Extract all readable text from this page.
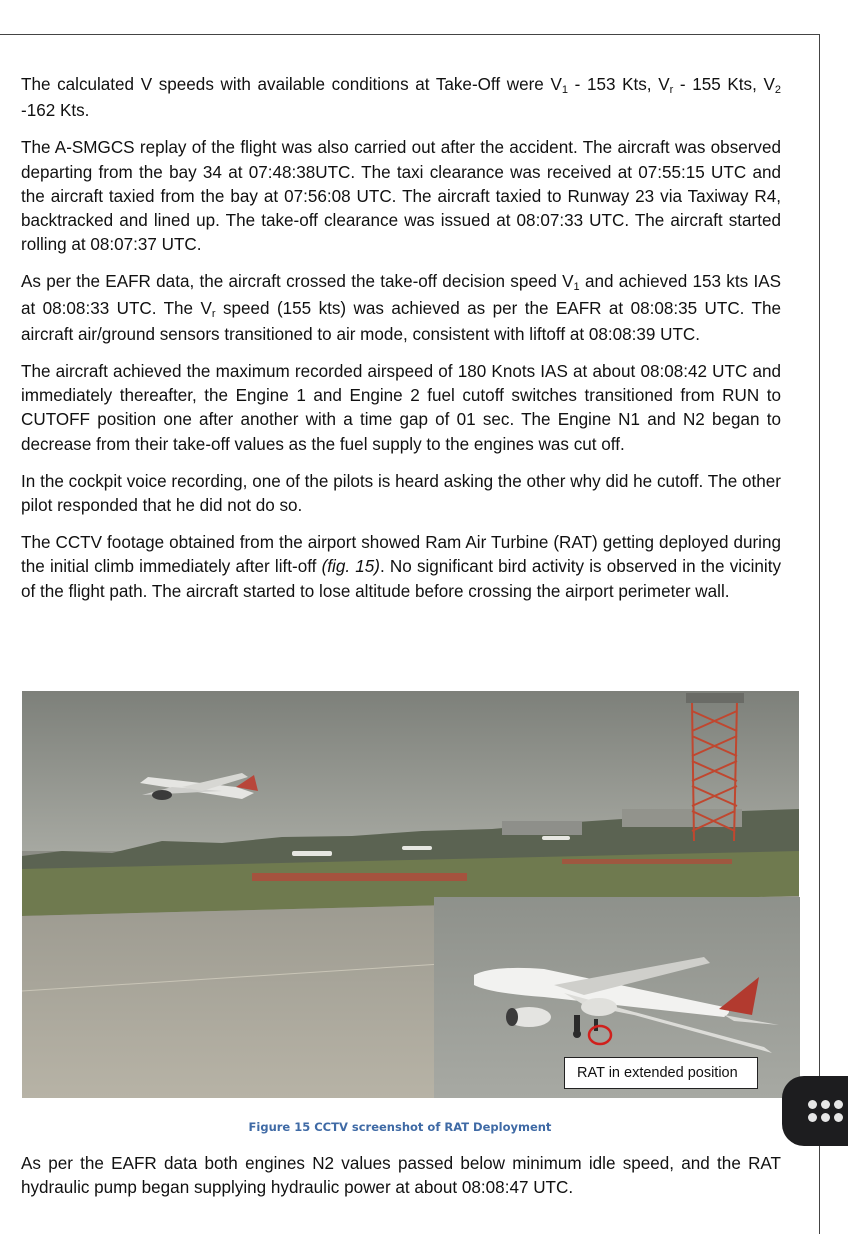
The calculated V speeds with available conditions at Take-Off were $V_1 - 153$ Kts, $V_r - 155$ Kts, $V_2$ -162 Kts.

The A-SMGCS replay of the flight was also carried out after the accident. The aircraft was observed departing from the bay 34 at 07:48:38UTC. The taxi clearance was received at 07:55:15 UTC and the aircraft taxied from the bay at 07:56:08 UTC. The aircraft taxied to Runway 23 via Taxiway R4, backtracked and lined up. The take-off clearance was issued at 08:07:33 UTC. The aircraft started rolling at 08:07:37 UTC.

As per the EAFR data, the aircraft crossed the take-off decision speed $V_1$ and achieved 153 kts IAS at 08:08:33 UTC. The $V_r$ speed (155 kts) was achieved as per the EAFR at 08:08:35 UTC. The aircraft air/ground sensors transitioned to air mode, consistent with liftoff at 08:08:39 UTC.

The aircraft achieved the maximum recorded airspeed of 180 Knots IAS at about 08:08:42 UTC and immediately thereafter, the Engine 1 and Engine 2 fuel cutoff switches transitioned from RUN to CUTOFF position one after another with a time gap of 01 sec. The Engine N1 and N2 began to decrease from their take-off values as the fuel supply to the engines was cut off.

In the cockpit voice recording, one of the pilots is heard asking the other why did he cutoff. The other pilot responded that he did not do so.

The CCTV footage obtained from the airport showed Ram Air Turbine (RAT) getting deployed during the initial climb immediately after lift-off (fig. 15). No significant bird activity is observed in the vicinity of the flight path. The aircraft started to lose altitude before crossing the airport perimeter wall.

RAT in extended position
Figure 15 CCTV screenshot of RAT Deployment

As per the EAFR data both engines N2 values passed below minimum idle speed, and the RAT hydraulic pump began supplying hydraulic power at about 08:08:47 UTC.
